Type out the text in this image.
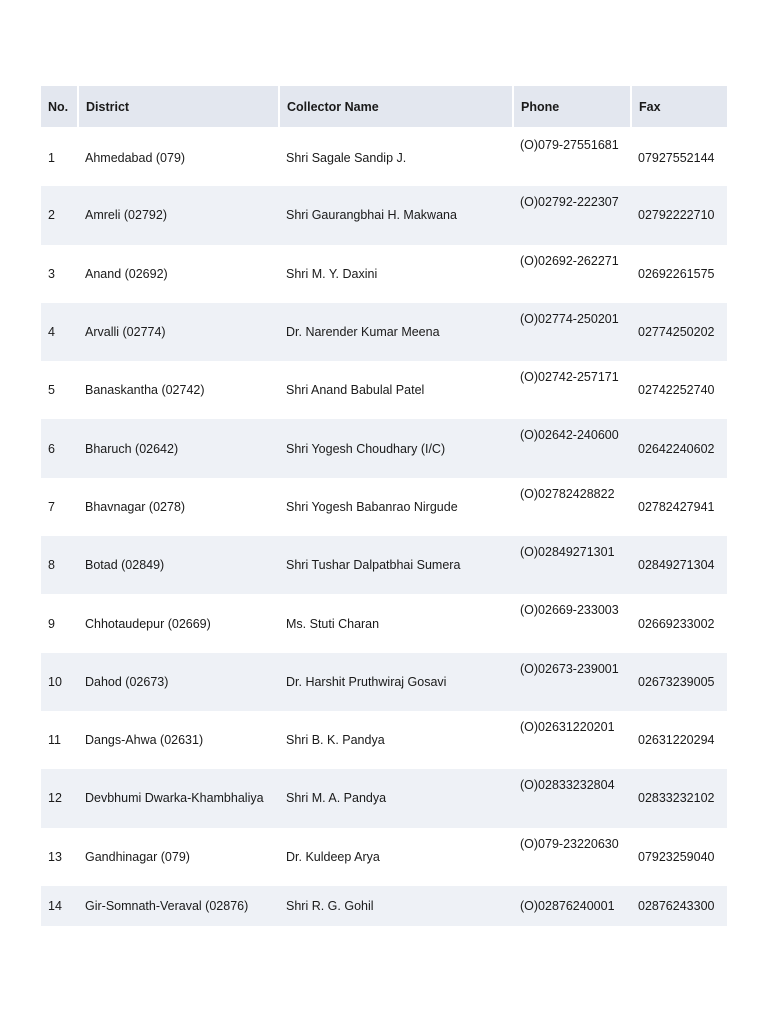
No.	District	Collector Name	Phone	Fax
1	Ahmedabad (079)	Shri Sagale Sandip J.	(O)079-27551681	07927552144
2	Amreli (02792)	Shri Gaurangbhai H. Makwana	(O)02792-222307	02792222710
3	Anand (02692)	Shri M. Y. Daxini	(O)02692-262271	02692261575
4	Arvalli (02774)	Dr. Narender Kumar Meena	(O)02774-250201	02774250202
5	Banaskantha (02742)	Shri Anand Babulal Patel	(O)02742-257171	02742252740
6	Bharuch (02642)	Shri Yogesh Choudhary (I/C)	(O)02642-240600	02642240602
7	Bhavnagar (0278)	Shri Yogesh Babanrao Nirgude	(O)02782428822	02782427941
8	Botad (02849)	Shri Tushar Dalpatbhai Sumera	(O)02849271301	02849271304
9	Chhotaudepur (02669)	Ms. Stuti Charan	(O)02669-233003	02669233002
10	Dahod (02673)	Dr. Harshit Pruthwiraj Gosavi	(O)02673-239001	02673239005
11	Dangs-Ahwa (02631)	Shri B. K. Pandya	(O)02631220201	02631220294
12	Devbhumi Dwarka-Khambhaliya	Shri M. A. Pandya	(O)02833232804	02833232102
13	Gandhinagar (079)	Dr. Kuldeep Arya	(O)079-23220630	07923259040
14	Gir-Somnath-Veraval (02876)	Shri R. G. Gohil	(O)02876240001	02876243300
